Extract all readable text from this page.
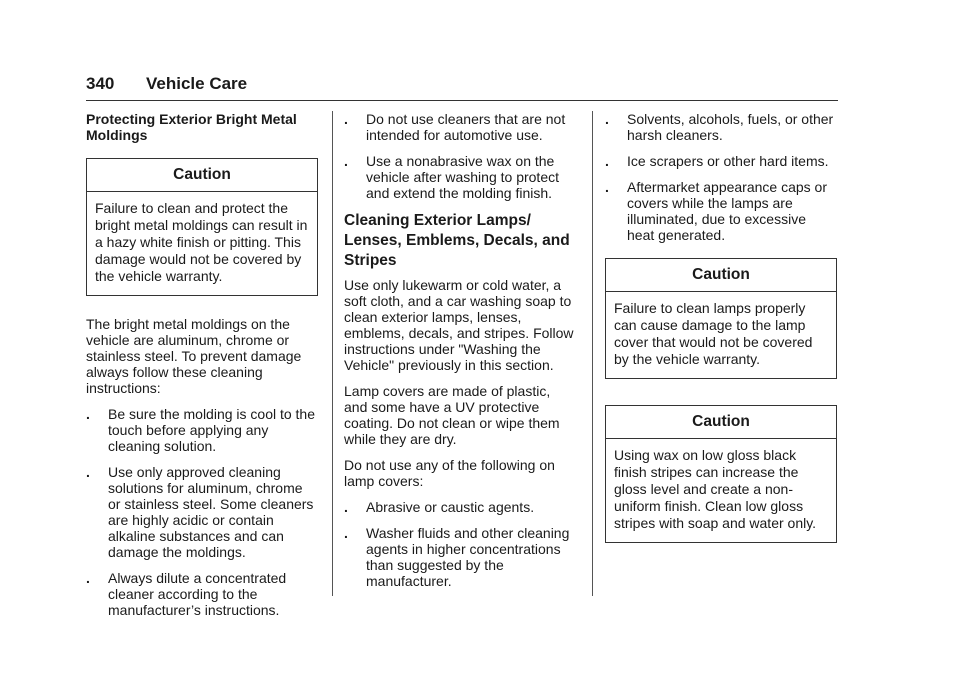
340 Vehicle Care
Protecting Exterior Bright Metal Moldings
Caution
Failure to clean and protect the bright metal moldings can result in a hazy white finish or pitting. This damage would not be covered by the vehicle warranty.

The bright metal moldings on the vehicle are aluminum, chrome or stainless steel. To prevent damage always follow these cleaning instructions:

. Be sure the molding is cool to the touch before applying any cleaning solution.
. Use only approved cleaning solutions for aluminum, chrome or stainless steel. Some cleaners are highly acidic or contain alkaline substances and can damage the moldings.
. Always dilute a concentrated cleaner according to the manufacturer’s instructions.
. Do not use cleaners that are not intended for automotive use.
. Use a nonabrasive wax on the vehicle after washing to protect and extend the molding finish.
Cleaning Exterior Lamps/ Lenses, Emblems, Decals, and Stripes

Use only lukewarm or cold water, a soft cloth, and a car washing soap to clean exterior lamps, lenses, emblems, decals, and stripes. Follow instructions under "Washing the Vehicle" previously in this section.

Lamp covers are made of plastic, and some have a UV protective coating. Do not clean or wipe them while they are dry.

Do not use any of the following on lamp covers:

. Abrasive or caustic agents.
. Washer fluids and other cleaning agents in higher concentrations than suggested by the manufacturer.
. Solvents, alcohols, fuels, or other harsh cleaners.
. Ice scrapers or other hard items.
. Aftermarket appearance caps or covers while the lamps are illuminated, due to excessive heat generated.
Caution
Failure to clean lamps properly can cause damage to the lamp cover that would not be covered by the vehicle warranty.
Caution
Using wax on low gloss black finish stripes can increase the gloss level and create a non-uniform finish. Clean low gloss stripes with soap and water only.
